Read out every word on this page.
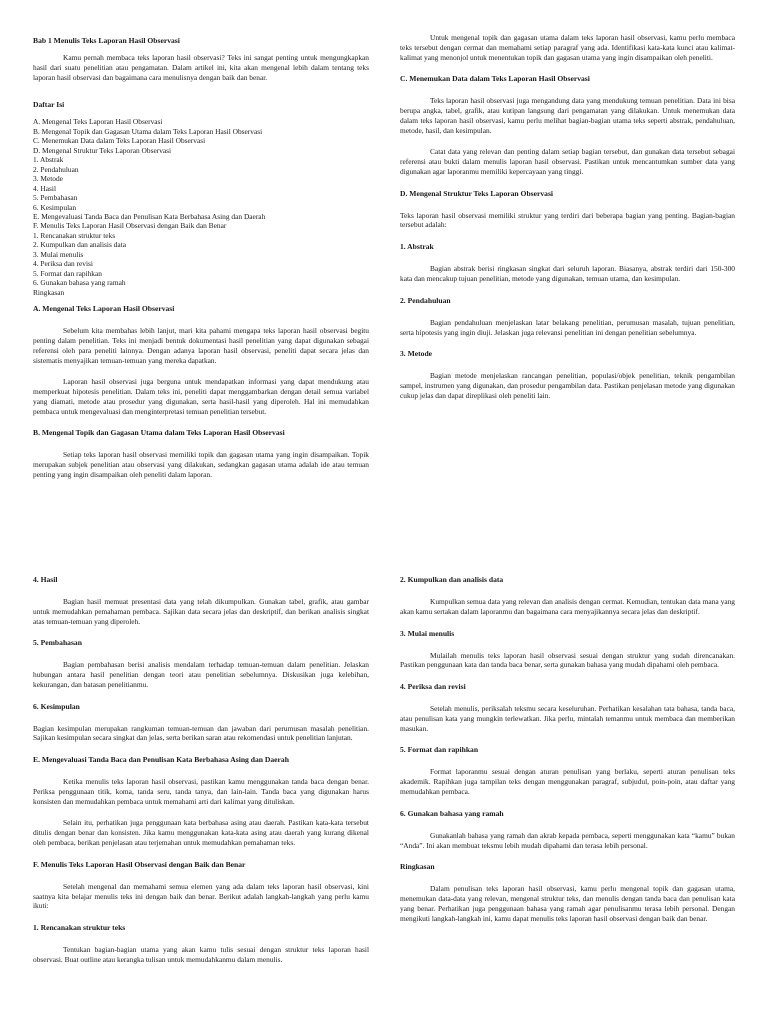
Bab 1 Menulis Teks Laporan Hasil Observasi

Kamu pernah membaca teks laporan hasil observasi? Teks ini sangat penting untuk mengungkapkan hasil dari suatu penelitian atau pengamatan. Dalam artikel ini, kita akan mengenal lebih dalam tentang teks laporan hasil observasi dan bagaimana cara menulisnya dengan baik dan benar.

Daftar Isi
A. Mengenal Teks Laporan Hasil Observasi
B. Mengenal Topik dan Gagasan Utama dalam Teks Laporan Hasil Observasi
C. Menemukan Data dalam Teks Laporan Hasil Observasi
D. Mengenal Struktur Teks Laporan Observasi
1. Abstrak
2. Pendahuluan
3. Metode
4. Hasil
5. Pembahasan
6. Kesimpulan
E. Mengevaluasi Tanda Baca dan Penulisan Kata Berbahasa Asing dan Daerah
F. Menulis Teks Laporan Hasil Observasi dengan Baik dan Benar
1. Rencanakan struktur teks
2. Kumpulkan dan analisis data
3. Mulai menulis
4. Periksa dan revisi
5. Format dan rapihkan
6. Gunakan bahasa yang ramah
Ringkasan
A. Mengenal Teks Laporan Hasil Observasi

Sebelum kita membahas lebih lanjut, mari kita pahami mengapa teks laporan hasil observasi begitu penting dalam penelitian. Teks ini menjadi bentuk dokumentasi hasil penelitian yang dapat digunakan sebagai referensi oleh para peneliti lainnya. Dengan adanya laporan hasil observasi, peneliti dapat secara jelas dan sistematis menyajikan temuan-temuan yang mereka dapatkan.

Laporan hasil observasi juga berguna untuk mendapatkan informasi yang dapat mendukung atau memperkuat hipotesis penelitian. Dalam teks ini, peneliti dapat menggambarkan dengan detail semua variabel yang diamati, metode atau prosedur yang digunakan, serta hasil-hasil yang diperoleh. Hal ini memudahkan pembaca untuk mengevaluasi dan menginterpretasi temuan penelitian tersebut.

B. Mengenal Topik dan Gagasan Utama dalam Teks Laporan Hasil Observasi

Setiap teks laporan hasil observasi memiliki topik dan gagasan utama yang ingin disampaikan. Topik merupakan subjek penelitian atau observasi yang dilakukan, sedangkan gagasan utama adalah ide atau temuan penting yang ingin disampaikan oleh peneliti dalam laporan.

Untuk mengenal topik dan gagasan utama dalam teks laporan hasil observasi, kamu perlu membaca teks tersebut dengan cermat dan memahami setiap paragraf yang ada. Identifikasi kata-kata kunci atau kalimat-kalimat yang menonjol untuk menentukan topik dan gagasan utama yang ingin disampaikan oleh peneliti.

C. Menemukan Data dalam Teks Laporan Hasil Observasi

Teks laporan hasil observasi juga mengandung data yang mendukung temuan penelitian. Data ini bisa berupa angka, tabel, grafik, atau kutipan langsung dari pengamatan yang dilakukan. Untuk menemukan data dalam teks laporan hasil observasi, kamu perlu melihat bagian-bagian utama teks seperti abstrak, pendahuluan, metode, hasil, dan kesimpulan.

Catat data yang relevan dan penting dalam setiap bagian tersebut, dan gunakan data tersebut sebagai referensi atau bukti dalam menulis laporan hasil observasi. Pastikan untuk mencantumkan sumber data yang digunakan agar laporanmu memiliki kepercayaan yang tinggi.

D. Mengenal Struktur Teks Laporan Observasi

Teks laporan hasil observasi memiliki struktur yang terdiri dari beberapa bagian yang penting. Bagian-bagian tersebut adalah:

1. Abstrak

Bagian abstrak berisi ringkasan singkat dari seluruh laporan. Biasanya, abstrak terdiri dari 150-300 kata dan mencakup tujuan penelitian, metode yang digunakan, temuan utama, dan kesimpulan.

2. Pendahuluan

Bagian pendahuluan menjelaskan latar belakang penelitian, perumusan masalah, tujuan penelitian, serta hipotesis yang ingin diuji. Jelaskan juga relevansi penelitian ini dengan penelitian sebelumnya.

3. Metode

Bagian metode menjelaskan rancangan penelitian, populasi/objek penelitian, teknik pengambilan sampel, instrumen yang digunakan, dan prosedur pengambilan data. Pastikan penjelasan metode yang digunakan cukup jelas dan dapat direplikasi oleh peneliti lain.

4. Hasil

Bagian hasil memuat presentasi data yang telah dikumpulkan. Gunakan tabel, grafik, atau gambar untuk memudahkan pemahaman pembaca. Sajikan data secara jelas dan deskriptif, dan berikan analisis singkat atas temuan-temuan yang diperoleh.

5. Pembahasan

Bagian pembahasan berisi analisis mendalam terhadap temuan-temuan dalam penelitian. Jelaskan hubungan antara hasil penelitian dengan teori atau penelitian sebelumnya. Diskusikan juga kelebihan, kekurangan, dan batasan penelitianmu.

6. Kesimpulan

Bagian kesimpulan merupakan rangkuman temuan-temuan dan jawaban dari perumusan masalah penelitian. Sajikan kesimpulan secara singkat dan jelas, serta berikan saran atau rekomendasi untuk penelitian lanjutan.

E. Mengevaluasi Tanda Baca dan Penulisan Kata Berbahasa Asing dan Daerah

Ketika menulis teks laporan hasil observasi, pastikan kamu menggunakan tanda baca dengan benar. Periksa penggunaan titik, koma, tanda seru, tanda tanya, dan lain-lain. Tanda baca yang digunakan harus konsisten dan memudahkan pembaca untuk memahami arti dari kalimat yang dituliskan.

Selain itu, perhatikan juga penggunaan kata berbahasa asing atau daerah. Pastikan kata-kata tersebut ditulis dengan benar dan konsisten. Jika kamu menggunakan kata-kata asing atau daerah yang kurang dikenal oleh pembaca, berikan penjelasan atau terjemahan untuk memudahkan pemahaman teks.

F. Menulis Teks Laporan Hasil Observasi dengan Baik dan Benar

Setelah mengenal dan memahami semua elemen yang ada dalam teks laporan hasil observasi, kini saatnya kita belajar menulis teks ini dengan baik dan benar. Berikut adalah langkah-langkah yang perlu kamu ikuti:

1. Rencanakan struktur teks

Tentukan bagian-bagian utama yang akan kamu tulis sesuai dengan struktur teks laporan hasil observasi. Buat outline atau kerangka tulisan untuk memudahkanmu dalam menulis.

2. Kumpulkan dan analisis data

Kumpulkan semua data yang relevan dan analisis dengan cermat. Kemudian, tentukan data mana yang akan kamu sertakan dalam laporanmu dan bagaimana cara menyajikannya secara jelas dan deskriptif.

3. Mulai menulis

Mulailah menulis teks laporan hasil observasi sesuai dengan struktur yang sudah direncanakan. Pastikan penggunaan kata dan tanda baca benar, serta gunakan bahasa yang mudah dipahami oleh pembaca.

4. Periksa dan revisi

Setelah menulis, periksalah teksmu secara keseluruhan. Perhatikan kesalahan tata bahasa, tanda baca, atau penulisan kata yang mungkin terlewatkan. Jika perlu, mintalah temanmu untuk membaca dan memberikan masukan.

5. Format dan rapihkan

Format laporanmu sesuai dengan aturan penulisan yang berlaku, seperti aturan penulisan teks akademik. Rapihkan juga tampilan teks dengan menggunakan paragraf, subjudul, poin-poin, atau daftar yang memudahkan pembaca.

6. Gunakan bahasa yang ramah

Gunakanlah bahasa yang ramah dan akrab kepada pembaca, seperti menggunakan kata “kamu” bukan “Anda”. Ini akan membuat teksmu lebih mudah dipahami dan terasa lebih personal.

Ringkasan

Dalam penulisan teks laporan hasil observasi, kamu perlu mengenal topik dan gagasan utama, menemukan data-data yang relevan, mengenal struktur teks, dan menulis dengan tanda baca dan penulisan kata yang benar. Perhatikan juga penggunaan bahasa yang ramah agar penulisanmu terasa lebih personal. Dengan mengikuti langkah-langkah ini, kamu dapat menulis teks laporan hasil observasi dengan baik dan benar.
